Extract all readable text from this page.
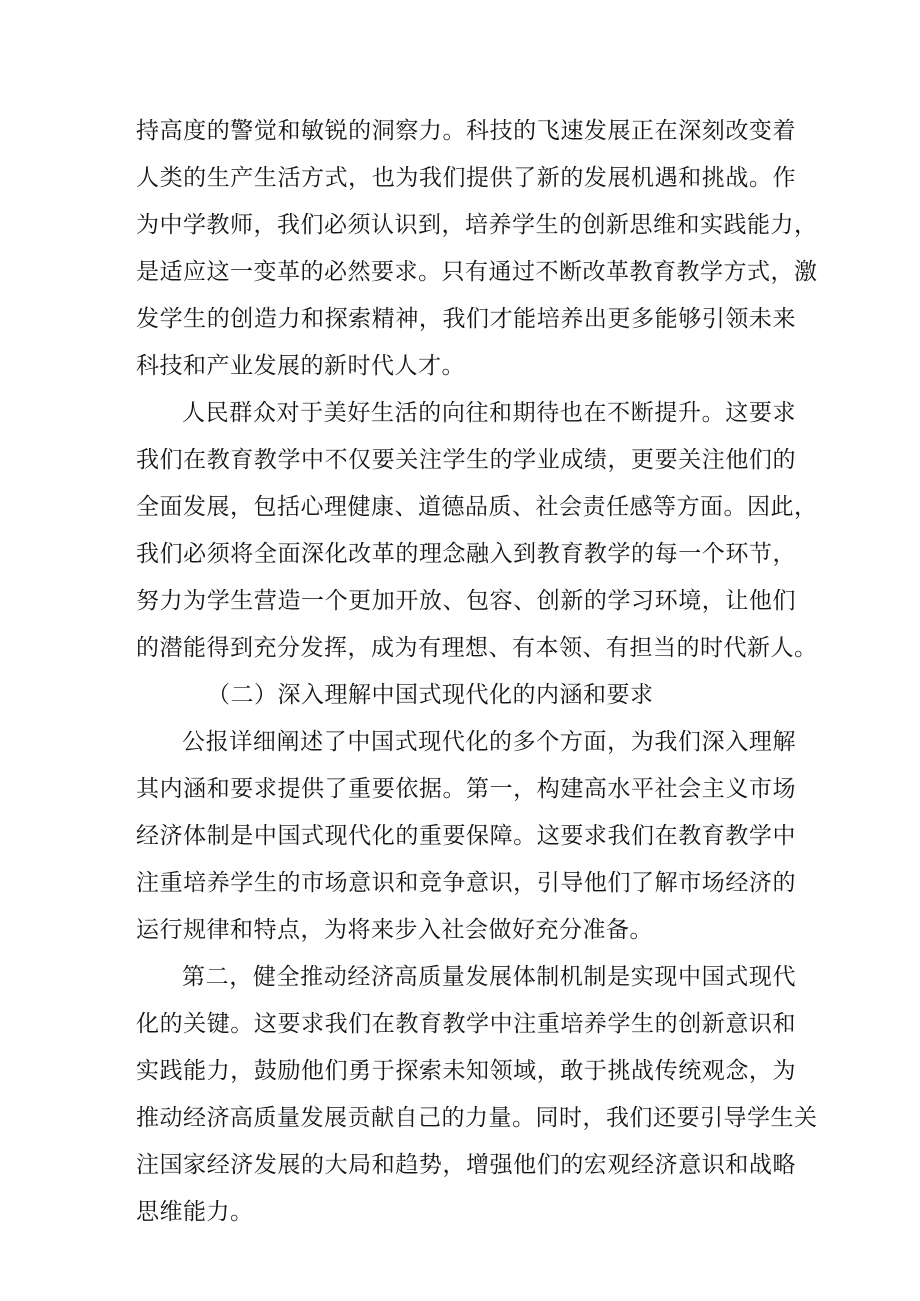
持高度的警觉和敏锐的洞察力。科技的飞速发展正在深刻改变着
人类的生产生活方式，也为我们提供了新的发展机遇和挑战。作
为中学教师，我们必须认识到，培养学生的创新思维和实践能力，
是适应这一变革的必然要求。只有通过不断改革教育教学方式，激
发学生的创造力和探索精神，我们才能培养出更多能够引领未来
科技和产业发展的新时代人才。
人民群众对于美好生活的向往和期待也在不断提升。这要求
我们在教育教学中不仅要关注学生的学业成绩，更要关注他们的
全面发展，包括心理健康、道德品质、社会责任感等方面。因此，
我们必须将全面深化改革的理念融入到教育教学的每一个环节，
努力为学生营造一个更加开放、包容、创新的学习环境，让他们
的潜能得到充分发挥，成为有理想、有本领、有担当的时代新人。
（二）深入理解中国式现代化的内涵和要求
公报详细阐述了中国式现代化的多个方面，为我们深入理解
其内涵和要求提供了重要依据。第一，构建高水平社会主义市场
经济体制是中国式现代化的重要保障。这要求我们在教育教学中
注重培养学生的市场意识和竞争意识，引导他们了解市场经济的
运行规律和特点，为将来步入社会做好充分准备。
第二，健全推动经济高质量发展体制机制是实现中国式现代
化的关键。这要求我们在教育教学中注重培养学生的创新意识和
实践能力，鼓励他们勇于探索未知领域，敢于挑战传统观念，为
推动经济高质量发展贡献自己的力量。同时，我们还要引导学生关
注国家经济发展的大局和趋势，增强他们的宏观经济意识和战略
思维能力。
